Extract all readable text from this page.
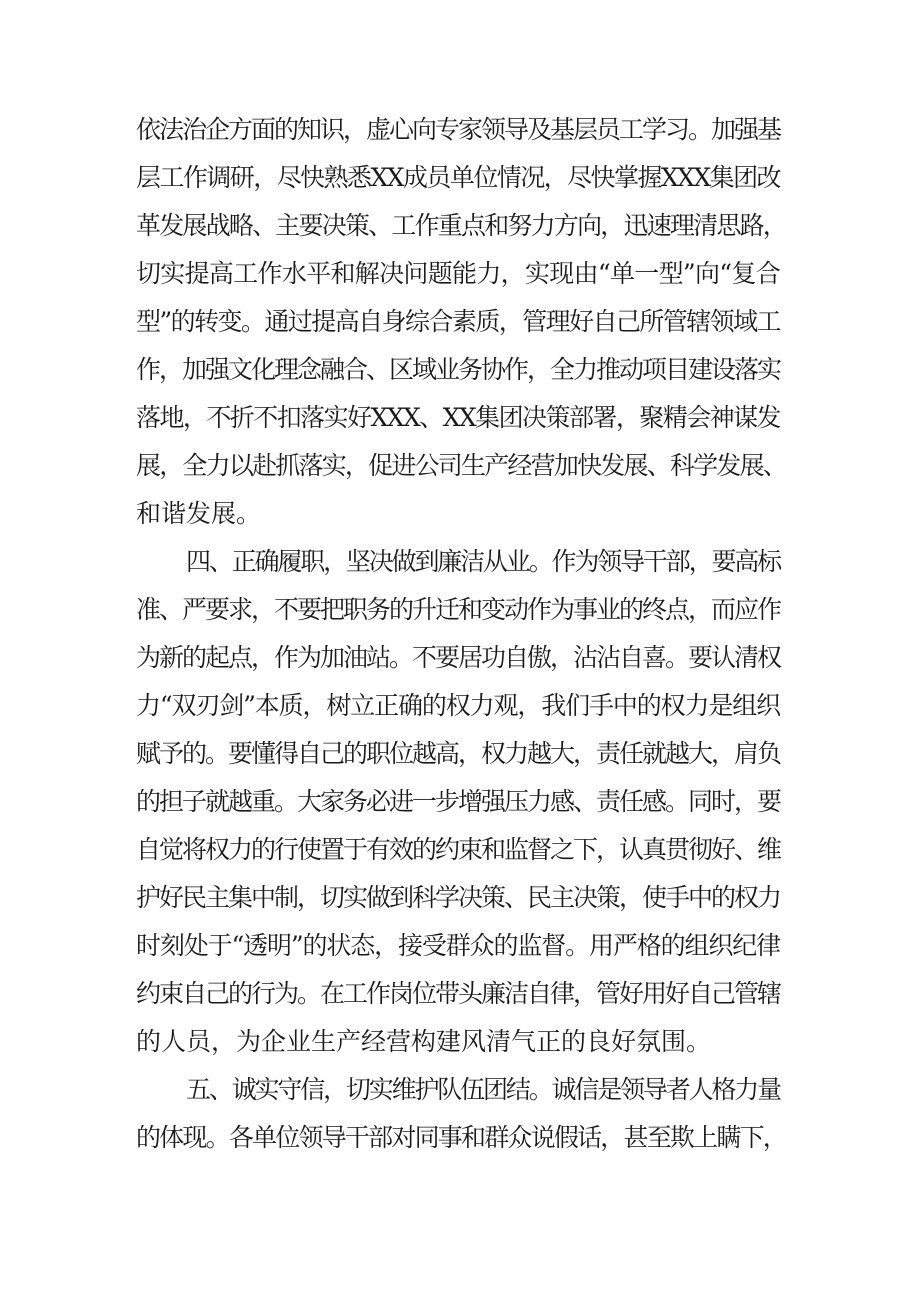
依法治企方面的知识，虚心向专家领导及基层员工学习。加强基
层工作调研，尽快熟悉XX成员单位情况，尽快掌握XXX集团改
革发展战略、主要决策、工作重点和努力方向，迅速理清思路，
切实提高工作水平和解决问题能力，实现由“单一型”向“复合
型”的转变。通过提高自身综合素质，管理好自己所管辖领域工
作，加强文化理念融合、区域业务协作，全力推动项目建设落实
落地，不折不扣落实好XXX、XX集团决策部署，聚精会神谋发
展，全力以赴抓落实，促进公司生产经营加快发展、科学发展、
和谐发展。
四、正确履职，坚决做到廉洁从业。作为领导干部，要高标
准、严要求，不要把职务的升迁和变动作为事业的终点，而应作
为新的起点，作为加油站。不要居功自傲，沾沾自喜。要认清权
力“双刃剑”本质，树立正确的权力观，我们手中的权力是组织
赋予的。要懂得自己的职位越高，权力越大，责任就越大，肩负
的担子就越重。大家务必进一步增强压力感、责任感。同时，要
自觉将权力的行使置于有效的约束和监督之下，认真贯彻好、维
护好民主集中制，切实做到科学决策、民主决策，使手中的权力
时刻处于“透明”的状态，接受群众的监督。用严格的组织纪律
约束自己的行为。在工作岗位带头廉洁自律，管好用好自己管辖
的人员，为企业生产经营构建风清气正的良好氛围。
五、诚实守信，切实维护队伍团结。诚信是领导者人格力量
的体现。各单位领导干部对同事和群众说假话，甚至欺上瞒下，
